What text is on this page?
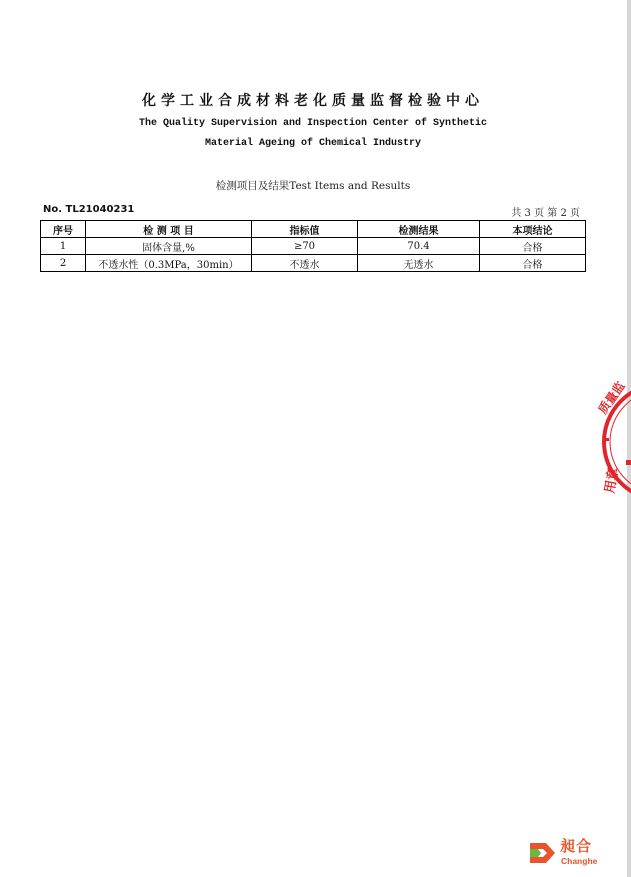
化学工业合成材料老化质量监督检验中心
The Quality Supervision and Inspection Center of Synthetic
Material Ageing of Chemical Industry
检测项目及结果Test Items and Results
No. TL21040231	共 3 页 第 2 页
序号	检 测 项 目	指标值	检测结果	本项结论
1	固体含量,%	≥70	70.4	合格
2	不透水性（0.3MPa，30min）	不透水	无透水	合格
质量监
用章
昶合
Changhe
